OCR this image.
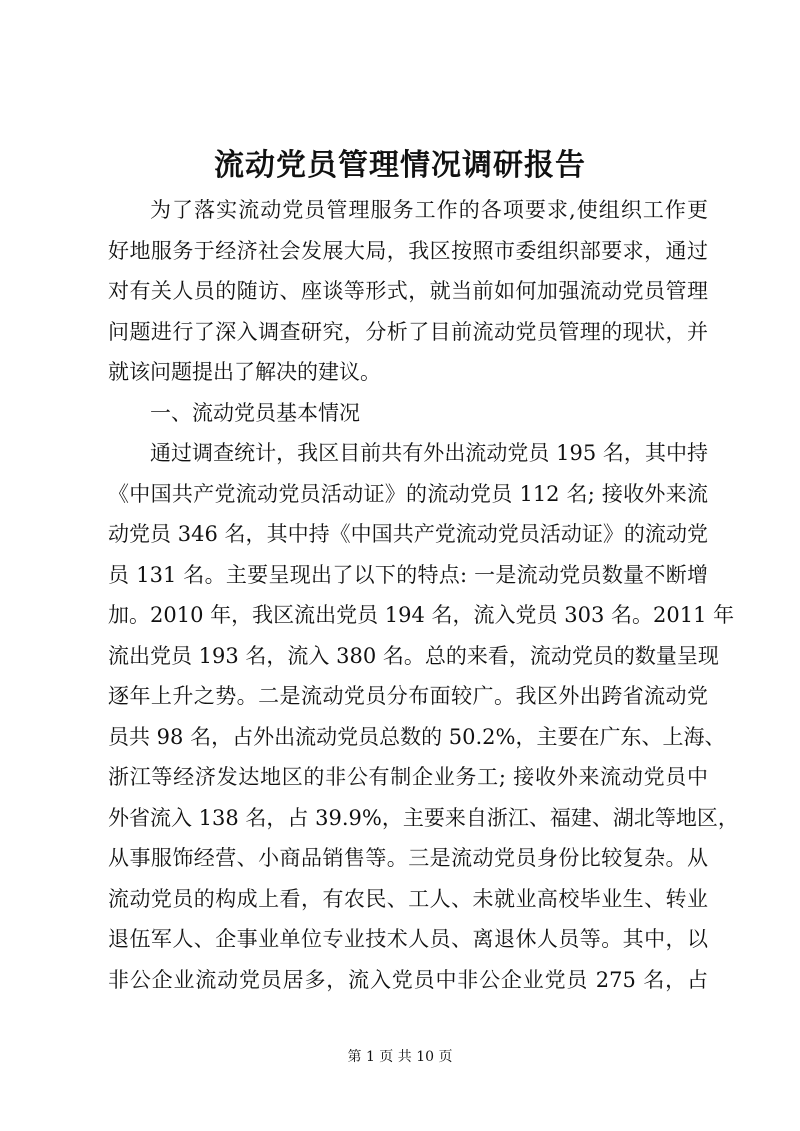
流动党员管理情况调研报告
为了落实流动党员管理服务工作的各项要求,使组织工作更
好地服务于经济社会发展大局，我区按照市委组织部要求，通过
对有关人员的随访、座谈等形式，就当前如何加强流动党员管理
问题进行了深入调查研究，分析了目前流动党员管理的现状，并
就该问题提出了解决的建议。
一、流动党员基本情况
通过调查统计，我区目前共有外出流动党员 195 名，其中持
《中国共产党流动党员活动证》的流动党员 112 名; 接收外来流
动党员 346 名，其中持《中国共产党流动党员活动证》的流动党
员 131 名。主要呈现出了以下的特点: 一是流动党员数量不断增
加。2010 年，我区流出党员 194 名，流入党员 303 名。2011 年
流出党员 193 名，流入 380 名。总的来看，流动党员的数量呈现
逐年上升之势。二是流动党员分布面较广。我区外出跨省流动党
员共 98 名，占外出流动党员总数的 50.2%，主要在广东、上海、
浙江等经济发达地区的非公有制企业务工; 接收外来流动党员中
外省流入 138 名，占 39.9%，主要来自浙江、福建、湖北等地区，
从事服饰经营、小商品销售等。三是流动党员身份比较复杂。从
流动党员的构成上看，有农民、工人、未就业高校毕业生、转业
退伍军人、企事业单位专业技术人员、离退休人员等。其中，以
非公企业流动党员居多，流入党员中非公企业党员 275 名，占
第 1 页 共 10 页
